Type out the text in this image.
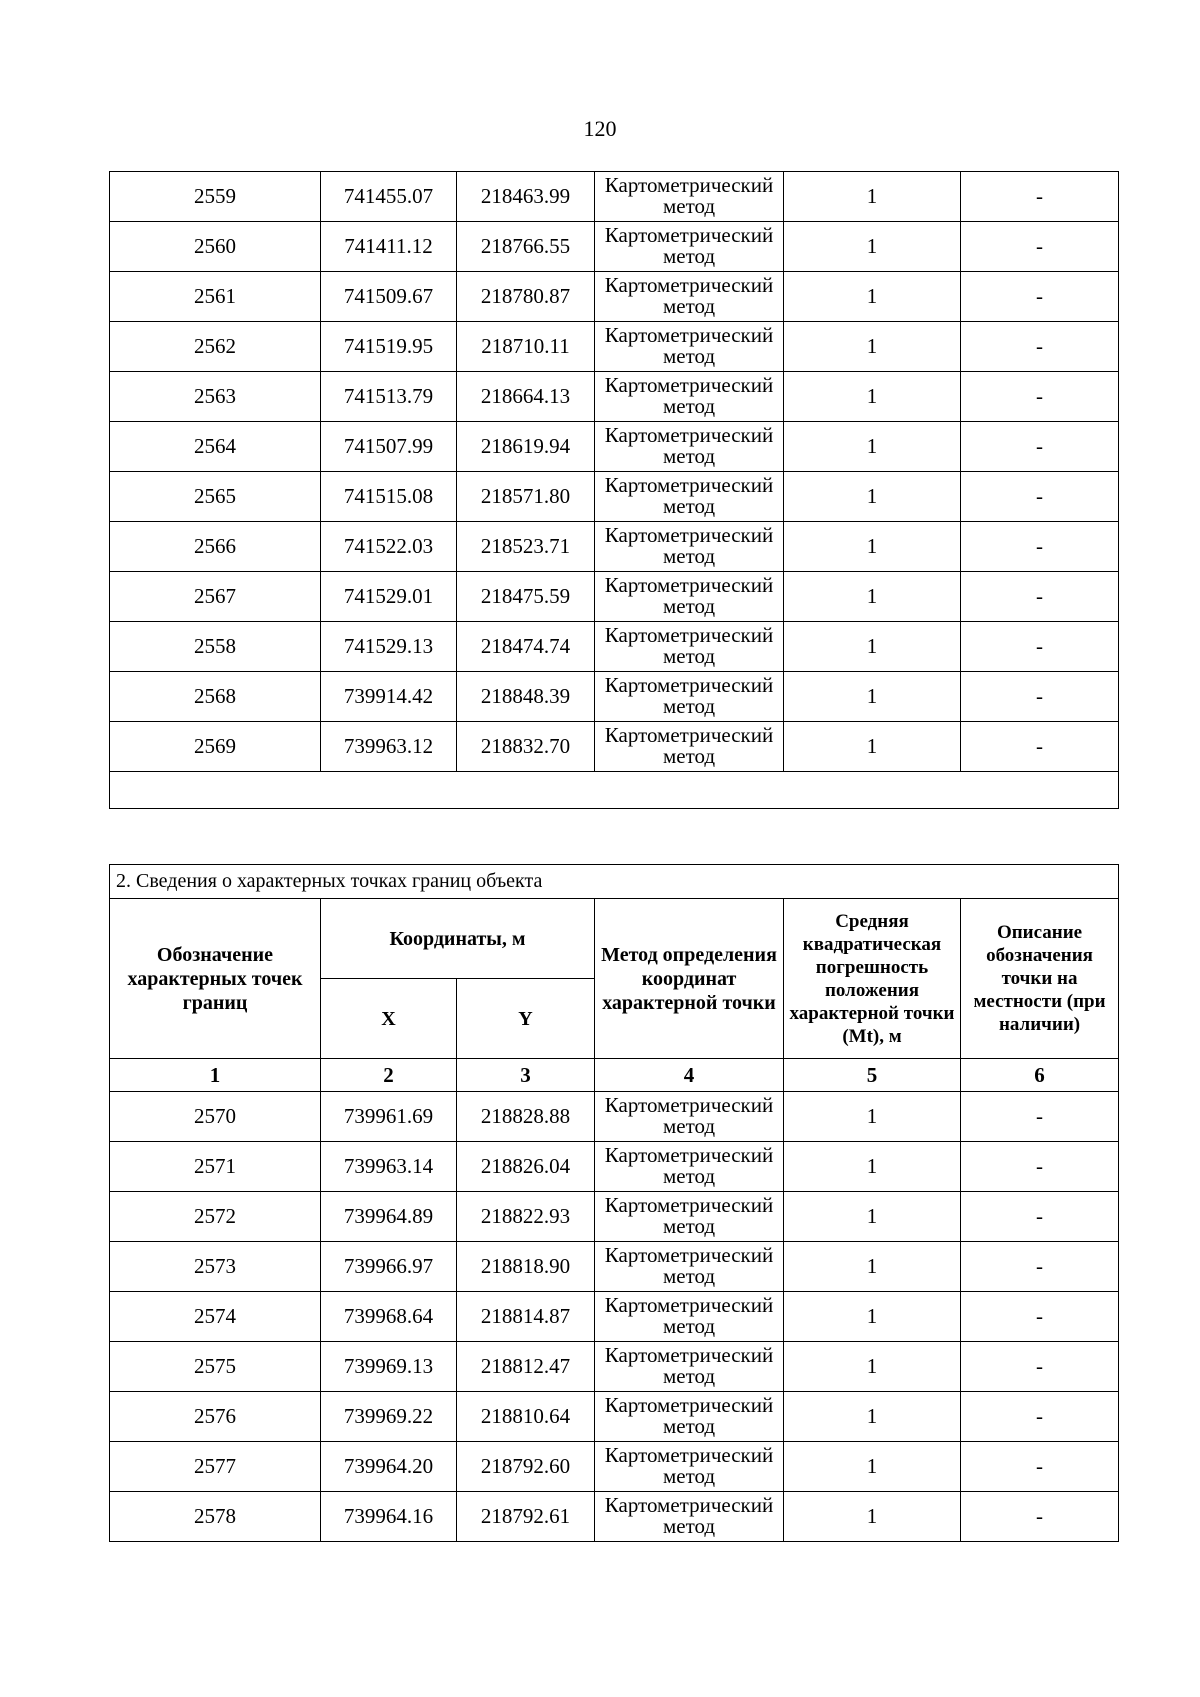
120
2559	741455.07	218463.99	Картометрический метод	1	-
2560	741411.12	218766.55	Картометрический метод	1	-
2561	741509.67	218780.87	Картометрический метод	1	-
2562	741519.95	218710.11	Картометрический метод	1	-
2563	741513.79	218664.13	Картометрический метод	1	-
2564	741507.99	218619.94	Картометрический метод	1	-
2565	741515.08	218571.80	Картометрический метод	1	-
2566	741522.03	218523.71	Картометрический метод	1	-
2567	741529.01	218475.59	Картометрический метод	1	-
2558	741529.13	218474.74	Картометрический метод	1	-
2568	739914.42	218848.39	Картометрический метод	1	-
2569	739963.12	218832.70	Картометрический метод	1	-

2. Сведения о характерных точках границ объекта					
Обозначение характерных точек границ	Координаты, м		Метод определения координат характерной точки	Средняя квадратическая погрешность положения характерной точки (Mt), м	Описание обозначения точки на местности (при наличии)
	X	Y			
1	2	3	4	5	6
2570	739961.69	218828.88	Картометрический метод	1	-
2571	739963.14	218826.04	Картометрический метод	1	-
2572	739964.89	218822.93	Картометрический метод	1	-
2573	739966.97	218818.90	Картометрический метод	1	-
2574	739968.64	218814.87	Картометрический метод	1	-
2575	739969.13	218812.47	Картометрический метод	1	-
2576	739969.22	218810.64	Картометрический метод	1	-
2577	739964.20	218792.60	Картометрический метод	1	-
2578	739964.16	218792.61	Картометрический метод	1	-
